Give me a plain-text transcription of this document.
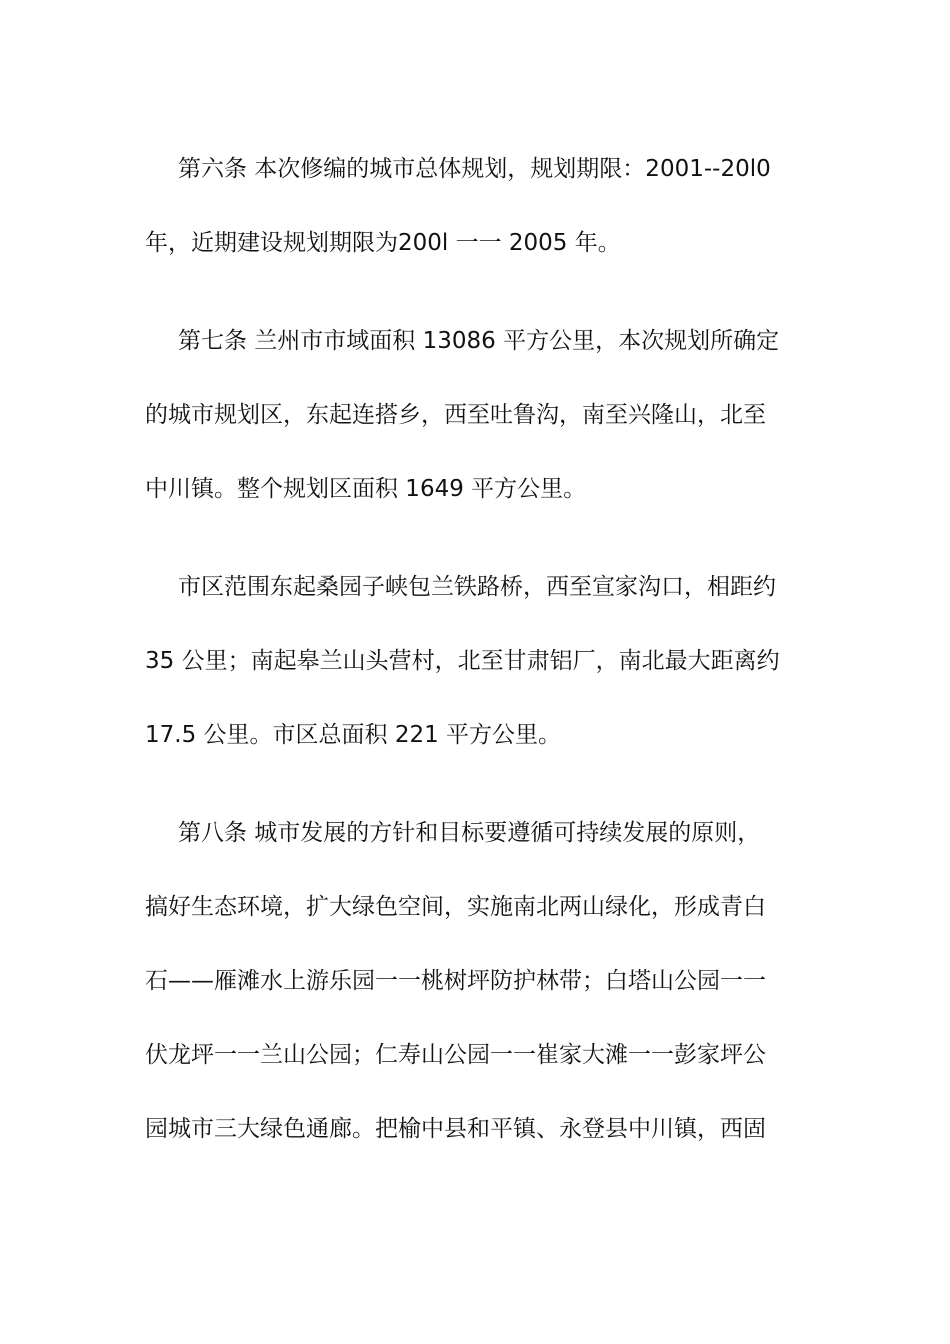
第六条 本次修编的城市总体规划，规划期限：2001--20l0
年，近期建设规划期限为200l 一一 2005 年。

第七条 兰州市市域面积 13086 平方公里，本次规划所确定
的城市规划区，东起连搭乡，西至吐鲁沟，南至兴隆山，北至
中川镇。整个规划区面积 1649 平方公里。

市区范围东起桑园子峡包兰铁路桥，西至宣家沟口，相距约
35 公里；南起皋兰山头营村，北至甘肃铝厂，南北最大距离约
17.5 公里。市区总面积 221 平方公里。

第八条 城市发展的方针和目标要遵循可持续发展的原则，
搞好生态环境，扩大绿色空间，实施南北两山绿化，形成青白
石——雁滩水上游乐园一一桃树坪防护林带；白塔山公园一一
伏龙坪一一兰山公园；仁寿山公园一一崔家大滩一一彭家坪公
园城市三大绿色通廊。把榆中县和平镇、永登县中川镇，西固
